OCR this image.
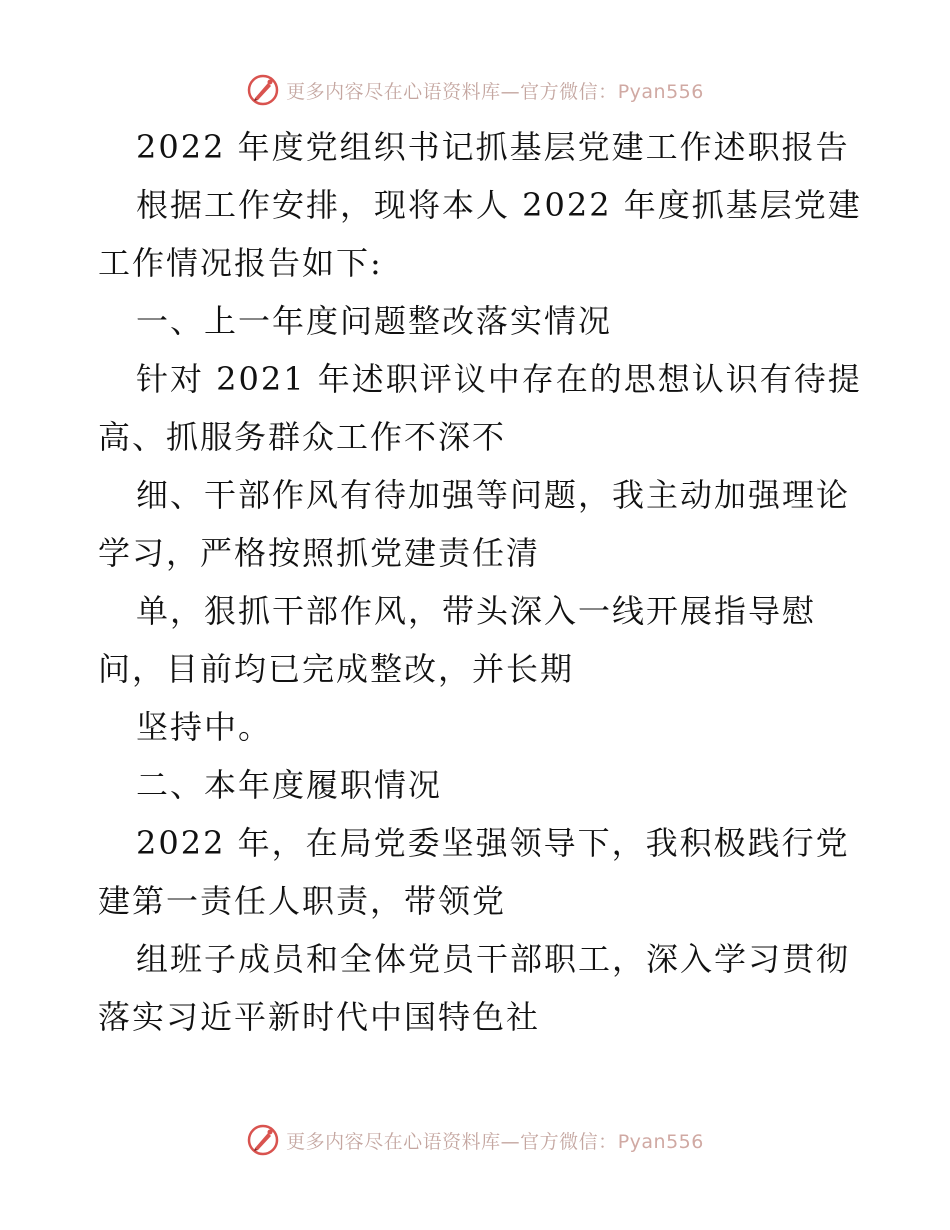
更多内容尽在心语资料库—官方微信：Pyan556
2022 年度党组织书记抓基层党建工作述职报告
根据工作安排，现将本人 2022 年度抓基层党建
工作情况报告如下:
一、上一年度问题整改落实情况
针对 2021 年述职评议中存在的思想认识有待提
高、抓服务群众工作不深不
细、干部作风有待加强等问题，我主动加强理论
学习，严格按照抓党建责任清
单，狠抓干部作风，带头深入一线开展指导慰
问，目前均已完成整改，并长期
坚持中。
二、本年度履职情况
2022 年，在局党委坚强领导下，我积极践行党
建第一责任人职责，带领党
组班子成员和全体党员干部职工，深入学习贯彻
落实习近平新时代中国特色社
更多内容尽在心语资料库—官方微信：Pyan556
